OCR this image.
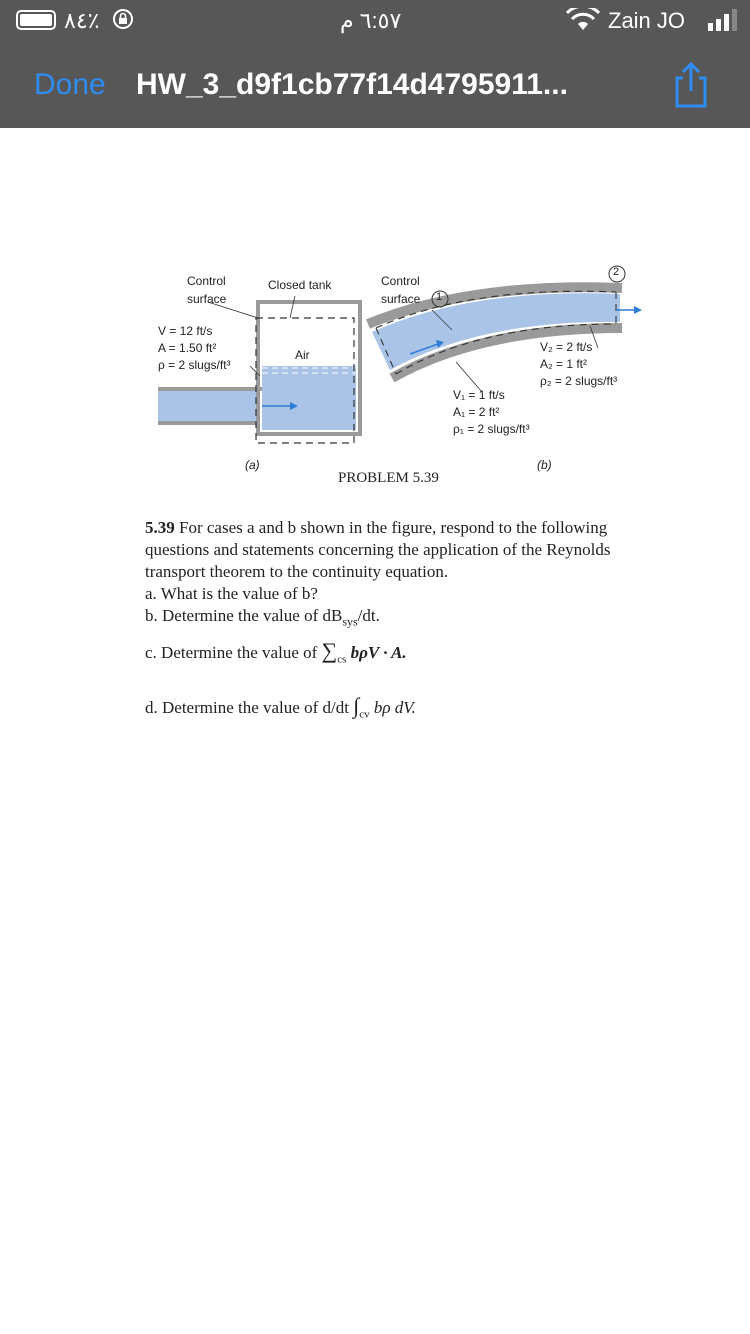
٨٤٪	٦:٥٧ م	Zain JO
Done HW_3_d9f1cb77f14d4795911...
Control
surface
Closed tank
Air
V = 12 ft/s
A = 1.50 ft²
ρ = 2 slugs/ft³
(a)
Control
surface 1
2
V₁ = 1 ft/s
A₁ = 2 ft²
ρ₁ = 2 slugs/ft³
V₂ = 2 ft/s
A₂ = 1 ft²
ρ₂ = 2 slugs/ft³
(b)
PROBLEM 5.39

5.39 For cases a and b shown in the figure, respond to the following questions and statements concerning the application of the Reynolds transport theorem to the continuity equation.

a. What is the value of b?

b. Determine the value of $dB_{sys}/dt$.

c. Determine the value of $\sum_{cs}$ bρV · A.

d. Determine the value of d/dt $\int_{cv}$ bρ dV.
